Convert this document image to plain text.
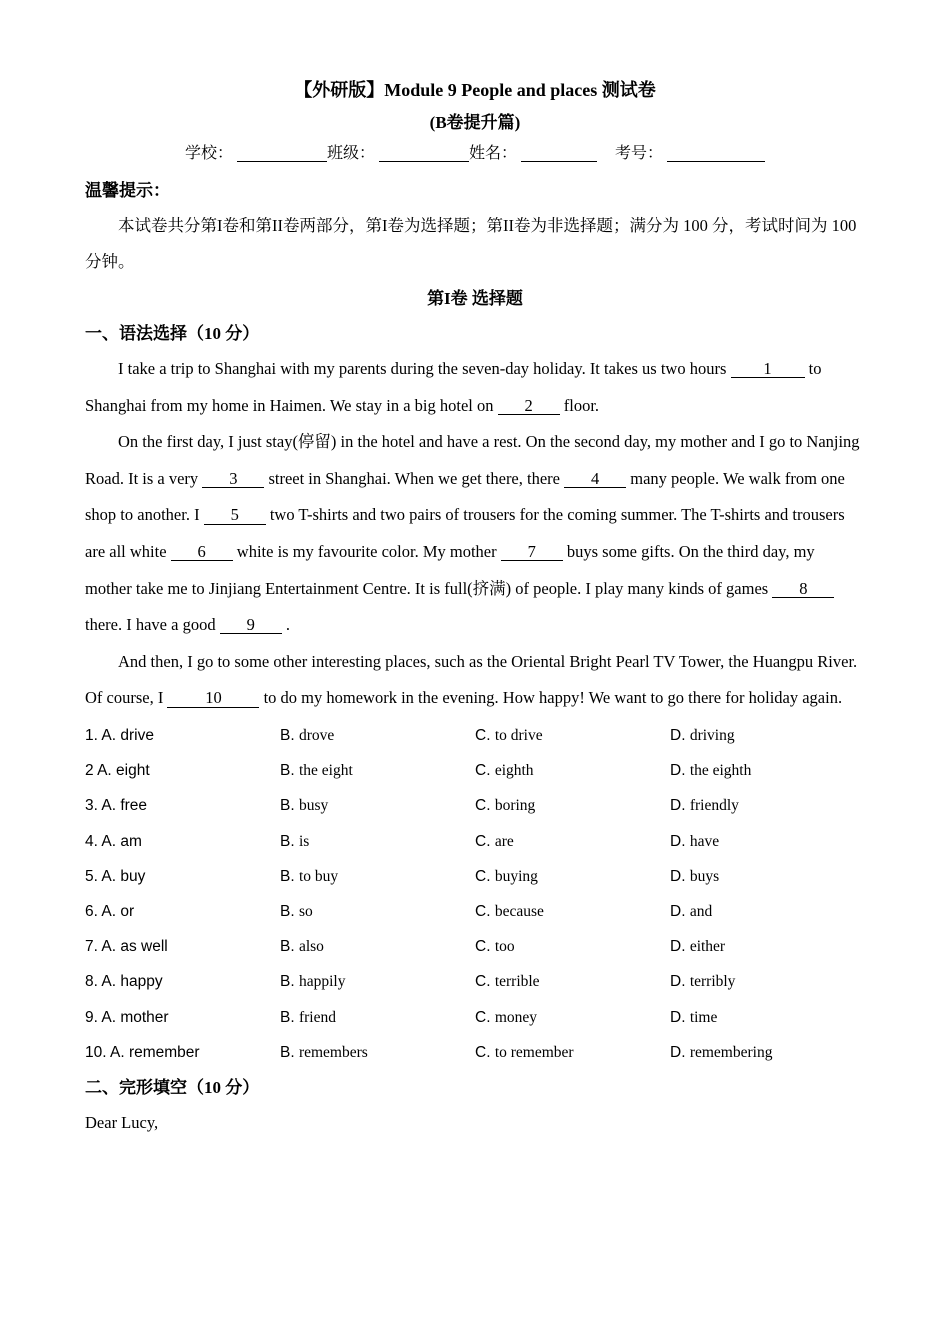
【外研版】Module 9 People and places 测试卷

(B卷提升篇)

学校：	班级：	姓名：	考号：

温馨提示：

本试卷共分第I卷和第II卷两部分，第I卷为选择题；第II卷为非选择题；满分为 100 分，考试时间为 100 分钟。

第I卷 选择题

一、语法选择（10 分）

I take a trip to Shanghai with my parents during the seven-day holiday. It takes us two hours 1 to Shanghai from my home in Haimen. We stay in a big hotel on 2 floor.

On the first day, I just stay(停留) in the hotel and have a rest. On the second day, my mother and I go to Nanjing Road. It is a very 3 street in Shanghai. When we get there, there 4 many people. We walk from one shop to another. I 5 two T-shirts and two pairs of trousers for the coming summer. The T-shirts and trousers are all white 6 white is my favourite color. My mother 7 buys some gifts. On the third day, my mother take me to Jinjiang Entertainment Centre. It is full(挤满) of people. I play many kinds of games 8 there. I have a good 9 .

And then, I go to some other interesting places, such as the Oriental Bright Pearl TV Tower, the Huangpu River. Of course, I 10 to do my homework in the evening. How happy! We want to go there for holiday again.

1. A. drive	B. drove	C. to drive	D. driving
2 A. eight	B. the eight	C. eighth	D. the eighth
3. A. free	B. busy	C. boring	D. friendly
4. A. am	B. is	C. are	D. have
5. A. buy	B. to buy	C. buying	D. buys
6. A. or	B. so	C. because	D. and
7. A. as well	B. also	C. too	D. either
8. A. happy	B. happily	C. terrible	D. terribly
9. A. mother	B. friend	C. money	D. time
10. A. remember	B. remembers	C. to remember	D. remembering

二、完形填空（10 分）

Dear Lucy,
